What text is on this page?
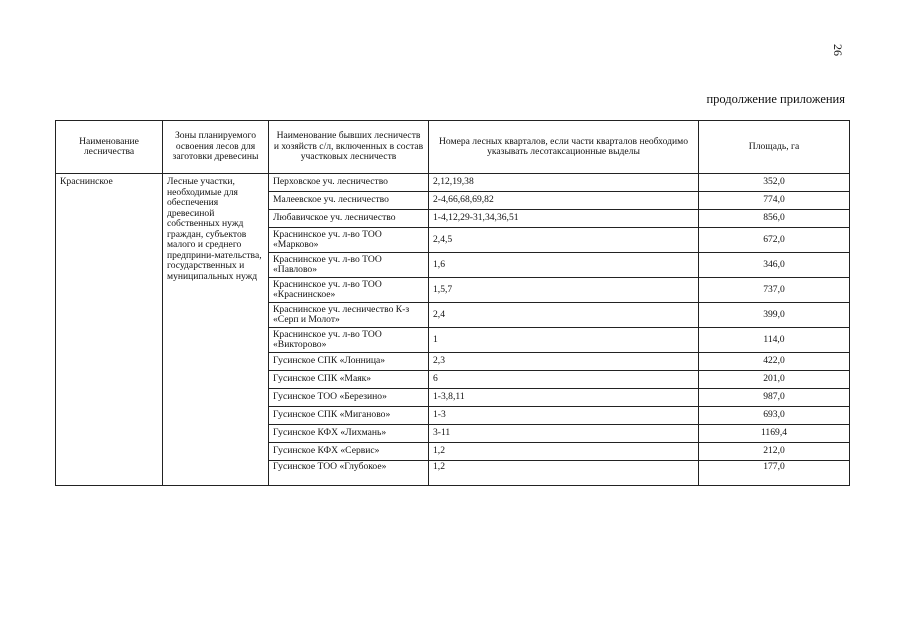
26
продолжение приложения
Наименование лесничества	Зоны планируемого освоения лесов для заготовки древесины	Наименование бывших лесничеств и хозяйств с/л, включенных в состав участковых лесничеств	Номера лесных кварталов, если части кварталов необходимо указывать лесотаксационные выделы	Площадь, га
Краснинское	Лесные участки, необходимые для обеспечения древесиной собственных нужд граждан, субъектов малого и среднего предприни-мательства, государственных и муниципальных нужд	Перховское уч. лесничество	2,12,19,38	352,0
		Малеевское уч. лесничество	2-4,66,68,69,82	774,0
		Любавичское уч. лесничество	1-4,12,29-31,34,36,51	856,0
		Краснинское уч. л-во ТОО «Марково»	2,4,5	672,0
		Краснинское уч. л-во ТОО «Павлово»	1,6	346,0
		Краснинское уч. л-во ТОО «Краснинское»	1,5,7	737,0
		Краснинское уч. лесничество К-з «Серп и Молот»	2,4	399,0
		Краснинское уч. л-во ТОО «Викторово»	1	114,0
		Гусинское СПК «Лонница»	2,3	422,0
		Гусинское СПК «Маяк»	6	201,0
		Гусинское ТОО «Березино»	1-3,8,11	987,0
		Гусинское СПК «Миганово»	1-3	693,0
		Гусинское КФХ «Лихмань»	3-11	1169,4
		Гусинское КФХ «Сервис»	1,2	212,0
		Гусинское ТОО «Глубокое»	1,2	177,0
